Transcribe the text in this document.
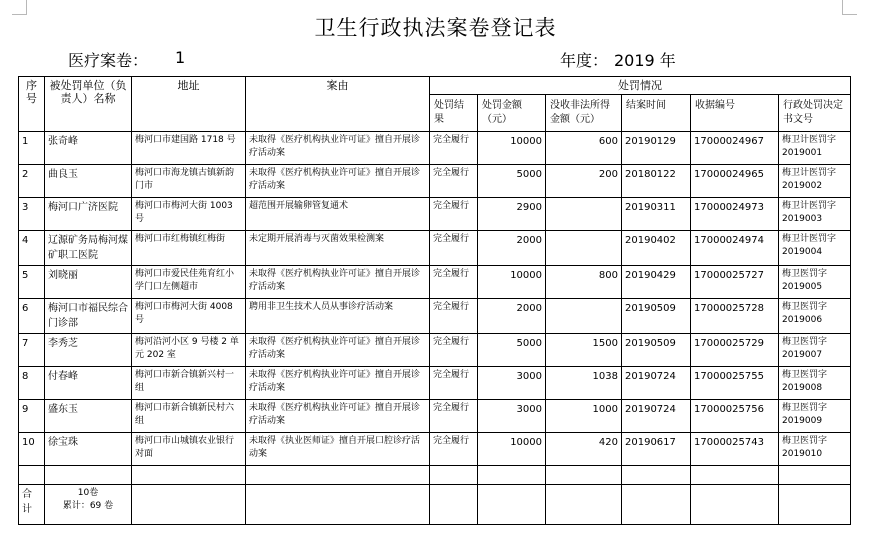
卫生行政执法案卷登记表
医疗案卷： 1	年度： 2019 年
序号	被处罚单位（负责人）名称	地址	案由	处罚情况					
				处罚结果	处罚金额（元）	没收非法所得金额（元）	结案时间	收据编号	行政处罚决定书文号
1	张奇峰	梅河口市建国路 1718 号	未取得《医疗机构执业许可证》擅自开展诊疗活动案	完全履行	10000	600	20190129	17000024967	梅卫计医罚字 2019001
2	曲良玉	梅河口市海龙镇古镇新韵门市	未取得《医疗机构执业许可证》擅自开展诊疗活动案	完全履行	5000	200	20180122	17000024965	梅卫计医罚字 2019002
3	梅河口广济医院	梅河口市梅河大街 1003 号	超范围开展输卵管复通术	完全履行	2900		20190311	17000024973	梅卫计医罚字 2019003
4	辽源矿务局梅河煤矿职工医院	梅河口市红梅镇红梅街	未定期开展消毒与灭菌效果检测案	完全履行	2000		20190402	17000024974	梅卫计医罚字 2019004
5	刘晓丽	梅河口市爱民佳苑育红小学门口左侧超市	未取得《医疗机构执业许可证》擅自开展诊疗活动案	完全履行	10000	800	20190429	17000025727	梅卫医罚字 2019005
6	梅河口市福民综合门诊部	梅河口市梅河大街 4008 号	聘用非卫生技术人员从事诊疗活动案	完全履行	2000		20190509	17000025728	梅卫医罚字 2019006
7	李秀芝	梅河沿河小区 9 号楼 2 单元 202 室	未取得《医疗机构执业许可证》擅自开展诊疗活动案	完全履行	5000	1500	20190509	17000025729	梅卫医罚字 2019007
8	付春峰	梅河口市新合镇新兴村一组	未取得《医疗机构执业许可证》擅自开展诊疗活动案	完全履行	3000	1038	20190724	17000025755	梅卫医罚字 2019008
9	盛东玉	梅河口市新合镇新民村六组	未取得《医疗机构执业许可证》擅自开展诊疗活动案	完全履行	3000	1000	20190724	17000025756	梅卫医罚字 2019009
10	徐宝珠	梅河口市山城镇农业银行对面	未取得《执业医师证》擅自开展口腔诊疗活动案	完全履行	10000	420	20190617	17000025743	梅卫医罚字 2019010

合计	10卷
累计：69 卷								
